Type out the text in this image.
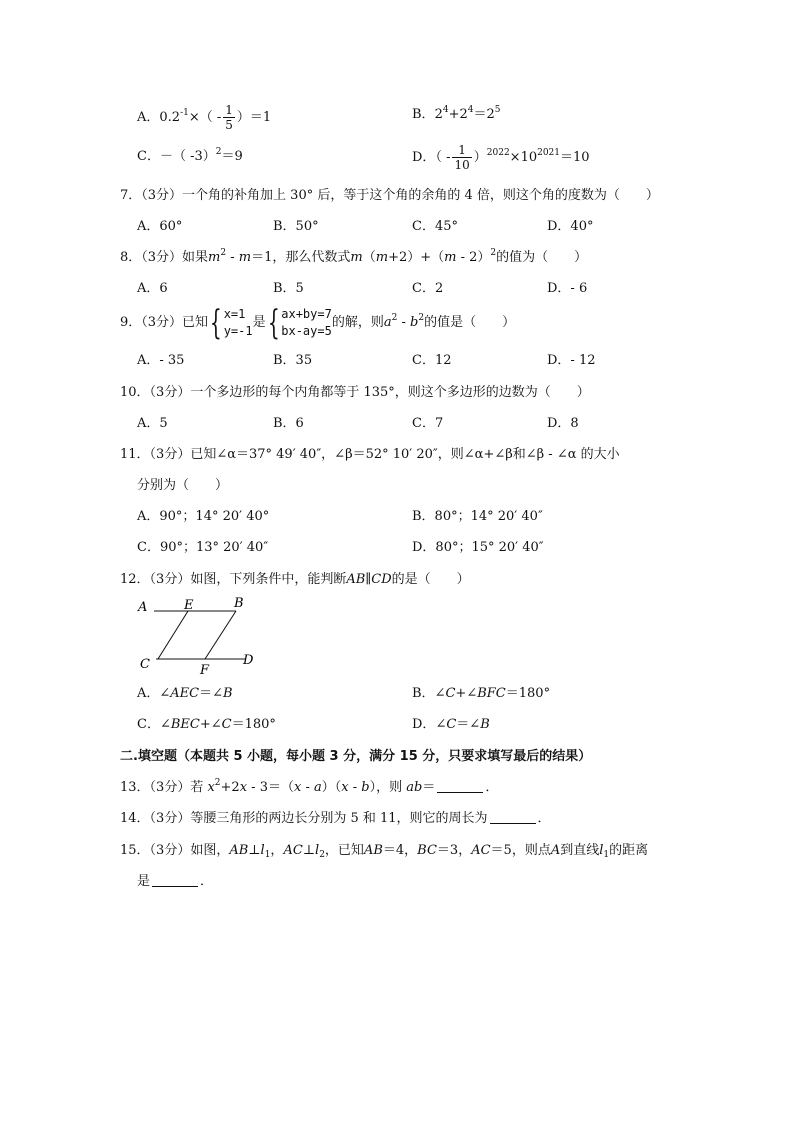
A．$0.2^{-1}\times( - \frac{1}{5} )=1$	B．$2^4+2^4=2^5$
C．－（ -3）$^2$＝9	D．（ - $\frac{1}{10} )^{2022}\times 10^{2021}=10$
7．（3分）一个角的补角加上 30° 后，等于这个角的余角的 4 倍，则这个角的度数为（　　）
A．60°	B．50°	C．45°	D．40°
8．（3分）如果$m^2 - m=1$，那么代数式m（m+2）+（m - 2）$^2$的值为（　　）
A．6	B．5	C．2	D．- 6
9．（3分）已知{ x=1
y=-1
是{ ax+by=7
bx-ay=5
的解，则$a^2 - b^2$的值是（　　）
A．- 35	B．35	C．12	D．- 12
10．（3分）一个多边形的每个内角都等于 135°，则这个多边形的边数为（　　）
A．5	B．6	C．7	D．8
11．（3分）已知∠α＝37° 49′ 40″，∠β＝52° 10′ 20″，则∠α+∠β和∠β - ∠α 的大小
分别为（　　）
A．90°；14° 20′ 40°	B．80°；14° 20′ 40″
C．90°；13° 20′ 40″	D．80°；15° 20′ 40″
12．（3分）如图，下列条件中，能判断AB∥CD的是（　　）
A	E	B
C	F
D
A．∠AEC＝∠B	B．∠C+∠BFC＝180°
C．∠BEC+∠C＝180°	D．∠C＝∠B
二.填空题（本题共 5 小题，每小题 3 分，满分 15 分，只要求填写最后的结果）
13．（3分）若 $x^2+2x - 3=(x - a)(x - b)$，则 ab＝	．
14．（3分）等腰三角形的两边长分别为 5 和 11，则它的周长为	．
15．（3分）如图，$AB\perp l_1$，$AC\perp l_2$，已知AB＝4，BC＝3，AC＝5，则点A到直线$l_1$的距离
是	．
